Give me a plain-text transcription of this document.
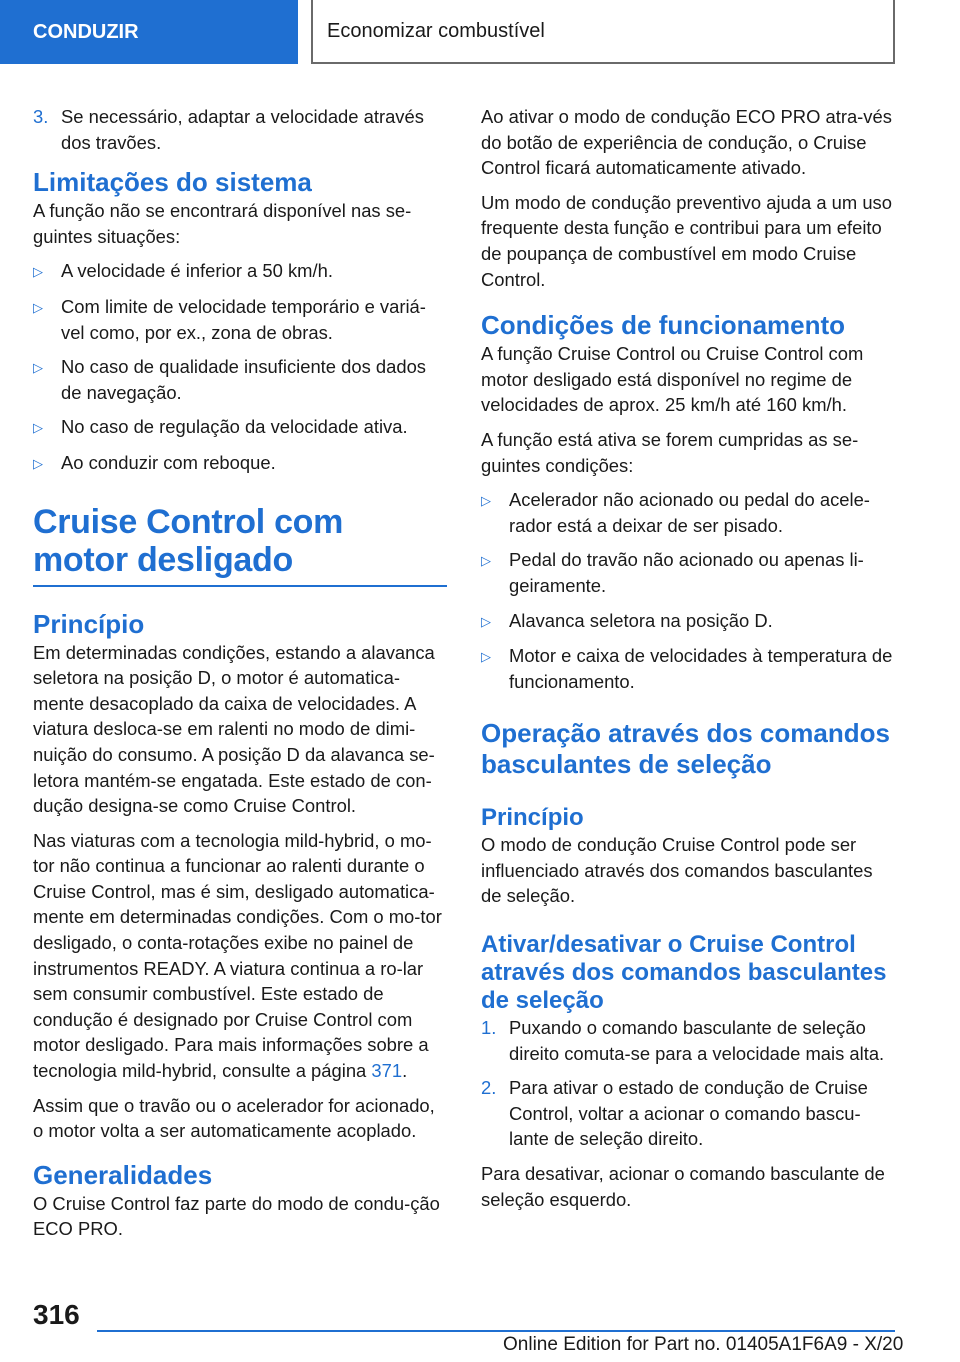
CONDUZIR	Economizar combustível
3. Se necessário, adaptar a velocidade através dos travões.
Limitações do sistema

A função não se encontrará disponível nas se-guintes situações:

▷ A velocidade é inferior a 50 km/h.
▷ Com limite de velocidade temporário e variá-vel como, por ex., zona de obras.
▷ No caso de qualidade insuficiente dos dados de navegação.
▷ No caso de regulação da velocidade ativa.
▷ Ao conduzir com reboque.
Cruise Control com motor desligado
Princípio

Em determinadas condições, estando a alavanca seletora na posição D, o motor é automatica-mente desacoplado da caixa de velocidades. A viatura desloca-se em ralenti no modo de dimi-nuição do consumo. A posição D da alavanca se-letora mantém-se engatada. Este estado de con-dução designa-se como Cruise Control.

Nas viaturas com a tecnologia mild-hybrid, o mo-tor não continua a funcionar ao ralenti durante o Cruise Control, mas é sim, desligado automatica-mente em determinadas condições. Com o mo-tor desligado, o conta-rotações exibe no painel de instrumentos READY. A viatura continua a ro-lar sem consumir combustível. Este estado de condução é designado por Cruise Control com motor desligado. Para mais informações sobre a tecnologia mild-hybrid, consulte a página 371.

Assim que o travão ou o acelerador for acionado, o motor volta a ser automaticamente acoplado.

Generalidades

O Cruise Control faz parte do modo de condu-ção ECO PRO.

Ao ativar o modo de condução ECO PRO atra-vés do botão de experiência de condução, o Cruise Control ficará automaticamente ativado.

Um modo de condução preventivo ajuda a um uso frequente desta função e contribui para um efeito de poupança de combustível em modo Cruise Control.

Condições de funcionamento

A função Cruise Control ou Cruise Control com motor desligado está disponível no regime de velocidades de aprox. 25 km/h até 160 km/h.

A função está ativa se forem cumpridas as se-guintes condições:

▷ Acelerador não acionado ou pedal do acele-rador está a deixar de ser pisado.
▷ Pedal do travão não acionado ou apenas li-geiramente.
▷ Alavanca seletora na posição D.
▷ Motor e caixa de velocidades à temperatura de funcionamento.
Operação através dos comandos basculantes de seleção
Princípio

O modo de condução Cruise Control pode ser influenciado através dos comandos basculantes de seleção.

Ativar/desativar o Cruise Control através dos comandos basculantes de seleção
1. Puxando o comando basculante de seleção direito comuta-se para a velocidade mais alta.
2. Para ativar o estado de condução de Cruise Control, voltar a acionar o comando bascu-lante de seleção direito.

Para desativar, acionar o comando basculante de seleção esquerdo.

316
Online Edition for Part no. 01405A1F6A9 - X/20
